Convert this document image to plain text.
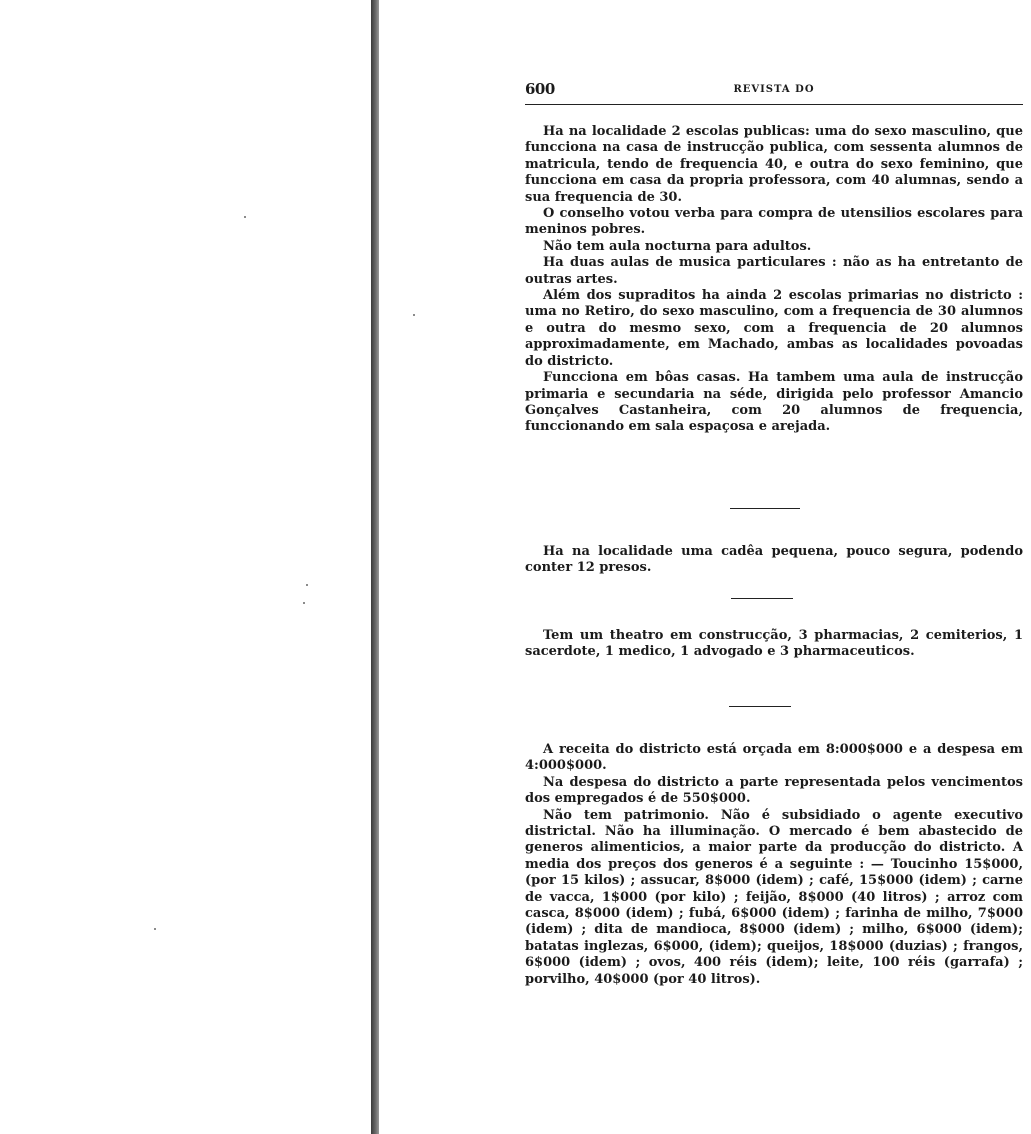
600	REVISTA DO

Ha na localidade 2 escolas publicas: uma do sexo masculino, que funcciona na casa de instrucção publica, com sessenta alumnos de matricula, tendo de frequencia 40, e outra do sexo feminino, que funcciona em casa da propria professora, com 40 alumnas, sendo a sua frequencia de 30.

O conselho votou verba para compra de utensilios escolares para meninos pobres.

Não tem aula nocturna para adultos.

Ha duas aulas de musica particulares : não as ha entretanto de outras artes.

Além dos supraditos ha ainda 2 escolas primarias no districto : uma no Retiro, do sexo masculino, com a frequencia de 30 alumnos e outra do mesmo sexo, com a frequencia de 20 alumnos approximadamente, em Machado, ambas as localidades povoadas do districto.

Funcciona em bôas casas. Ha tambem uma aula de instrucção primaria e secundaria na séde, dirigida pelo professor Amancio Gonçalves Castanheira, com 20 alumnos de frequencia, funccionando em sala espaçosa e arejada.

Ha na localidade uma cadêa pequena, pouco segura, podendo conter 12 presos.

Tem um theatro em construcção, 3 pharmacias, 2 cemiterios, 1 sacerdote, 1 medico, 1 advogado e 3 pharmaceuticos.

A receita do districto está orçada em 8:000$000 e a despesa em 4:000$000.

Na despesa do districto a parte representada pelos vencimentos dos empregados é de 550$000.

Não tem patrimonio. Não é subsidiado o agente executivo districtal. Não ha illuminação. O mercado é bem abastecido de generos alimenticios, a maior parte da producção do districto. A media dos preços dos generos é a seguinte : — Toucinho 15$000, (por 15 kilos) ; assucar, 8$000 (idem) ; café, 15$000 (idem) ; carne de vacca, 1$000 (por kilo) ; feijão, 8$000 (40 litros) ; arroz com casca, 8$000 (idem) ; fubá, 6$000 (idem) ; farinha de milho, 7$000 (idem) ; dita de mandioca, 8$000 (idem) ; milho, 6$000 (idem); batatas inglezas, 6$000, (idem); queijos, 18$000 (duzias) ; frangos, 6$000 (idem) ; ovos, 400 réis (idem); leite, 100 réis (garrafa) ; porvilho, 40$000 (por 40 litros).
